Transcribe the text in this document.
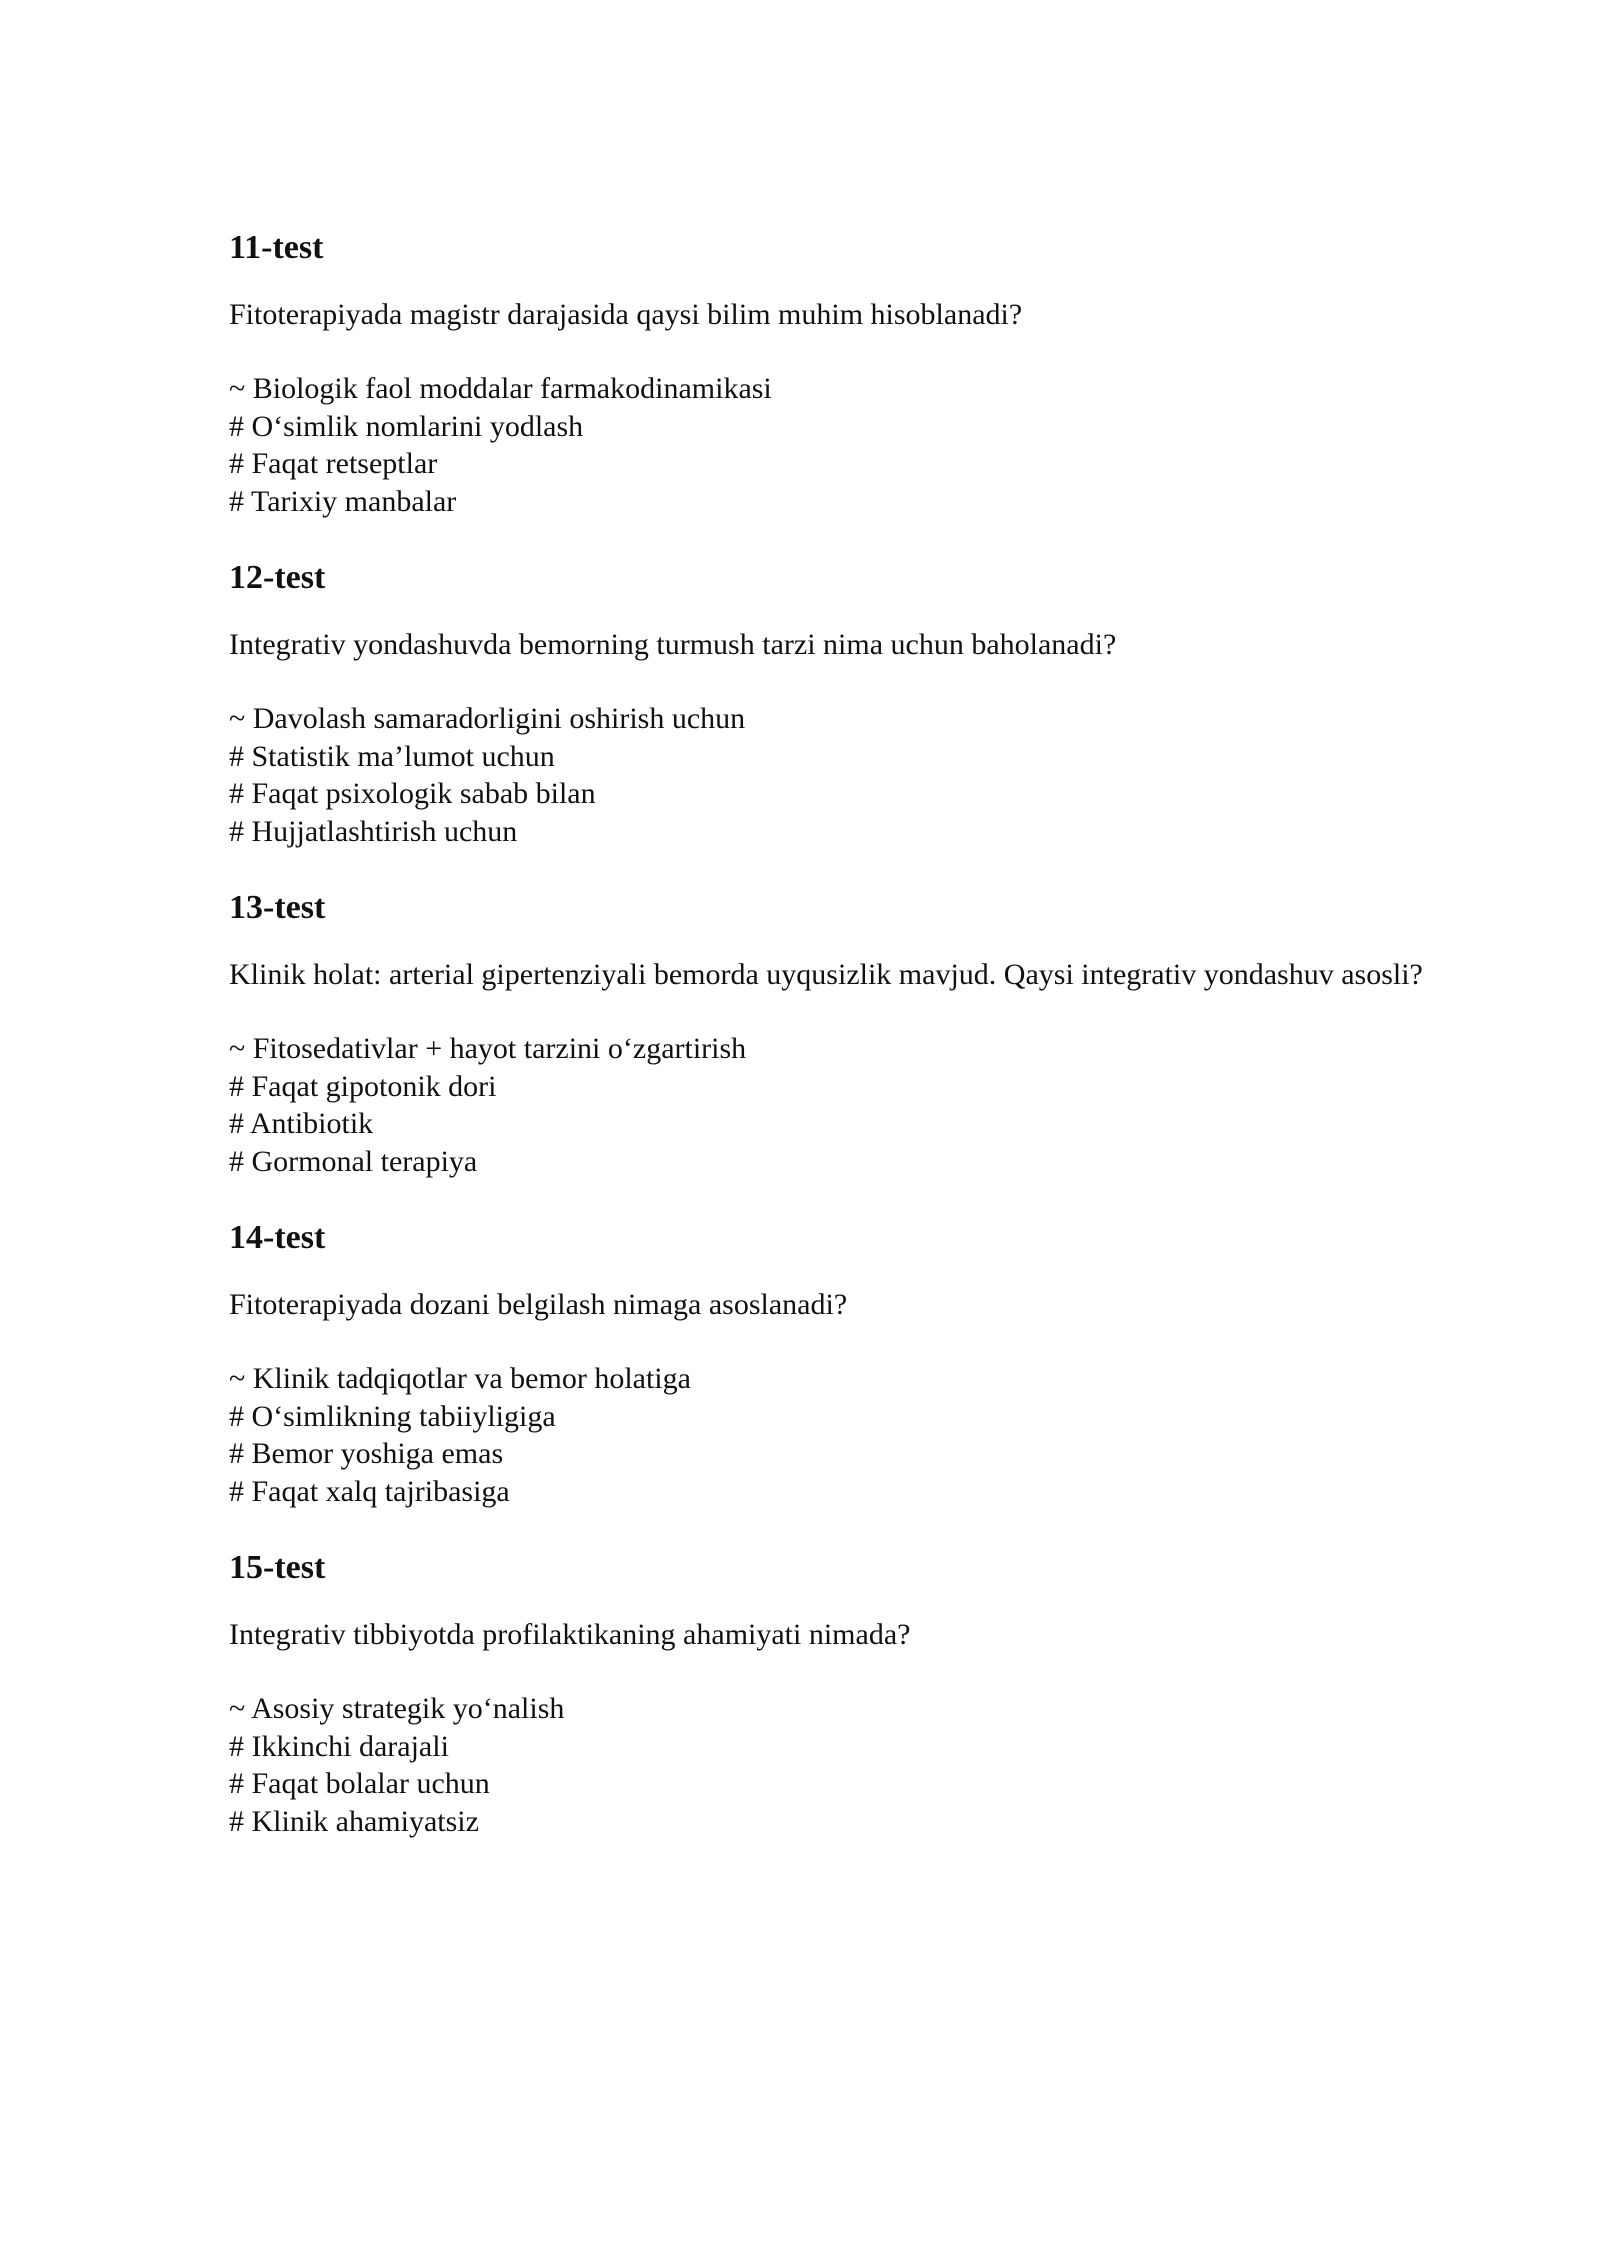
11-test

Fitoterapiyada magistr darajasida qaysi bilim muhim hisoblanadi?

~ Biologik faol moddalar farmakodinamikasi
# O‘simlik nomlarini yodlash
# Faqat retseptlar
# Tarixiy manbalar
12-test

Integrativ yondashuvda bemorning turmush tarzi nima uchun baholanadi?

~ Davolash samaradorligini oshirish uchun
# Statistik ma’lumot uchun
# Faqat psixologik sabab bilan
# Hujjatlashtirish uchun
13-test

Klinik holat: arterial gipertenziyali bemorda uyqusizlik mavjud. Qaysi integrativ yondashuv asosli?

~ Fitosedativlar + hayot tarzini o‘zgartirish
# Faqat gipotonik dori
# Antibiotik
# Gormonal terapiya
14-test

Fitoterapiyada dozani belgilash nimaga asoslanadi?

~ Klinik tadqiqotlar va bemor holatiga
# O‘simlikning tabiiyligiga
# Bemor yoshiga emas
# Faqat xalq tajribasiga
15-test

Integrativ tibbiyotda profilaktikaning ahamiyati nimada?

~ Asosiy strategik yo‘nalish
# Ikkinchi darajali
# Faqat bolalar uchun
# Klinik ahamiyatsiz
